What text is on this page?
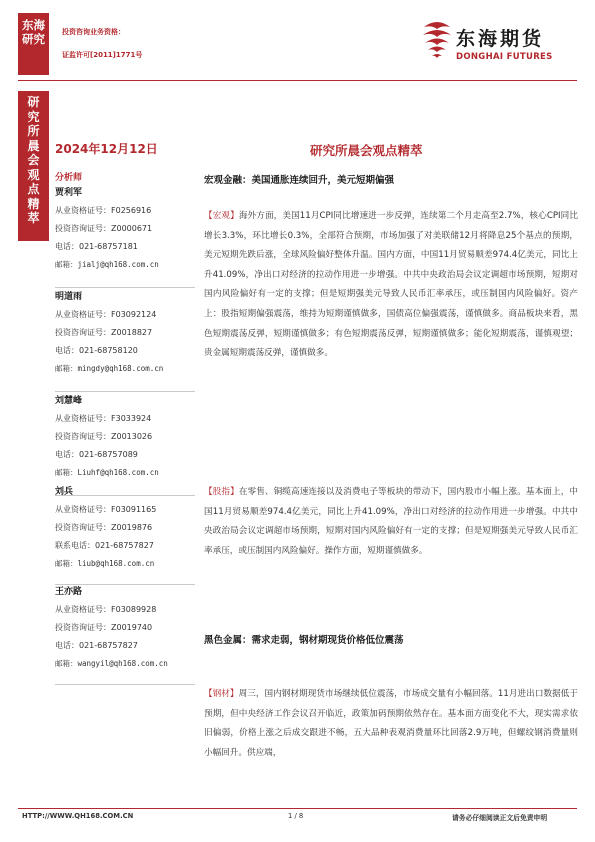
东海
研究	投资咨询业务资格：
证监许可[2011]1771号
东海期货
DONGHAI FUTURES
研
究
所
晨
会
观
点
精
萃
2024年12月12日	研究所晨会观点精萃
分析师
贾利军
从业资格证号：F0256916
投资咨询证号：Z0000671
电话：021-68757181
邮箱：jialj@qh168.com.cn
明道雨
从业资格证号：F03092124
投资咨询证号：Z0018827
电话：021-68758120
邮箱：mingdy@qh168.com.cn
刘慧峰
从业资格证号：F3033924
投资咨询证号：Z0013026
电话：021-68757089
邮箱：Liuhf@qh168.com.cn
刘兵
从业资格证号：F03091165
投资咨询证号：Z0019876
联系电话：021-68757827
邮箱：liub@qh168.com.cn
王亦路
从业资格证号：F03089928
投资咨询证号：Z0019740
电话：021-68757827
邮箱：wangyil@qh168.com.cn
宏观金融：美国通胀连续回升，美元短期偏强

【宏观】海外方面，美国11月CPI同比增速进一步反弹，连续第二个月走高至2.7%，核心CPI同比增长3.3%，环比增长0.3%，全部符合预期，市场加强了对美联储12月将降息25个基点的预期，美元短期先跌后涨，全球风险偏好整体升温。国内方面，中国11月贸易顺差974.4亿美元，同比上升41.09%，净出口对经济的拉动作用进一步增强。中共中央政治局会议定调超市场预期，短期对国内风险偏好有一定的支撑；但是短期强美元导致人民币汇率承压，或压制国内风险偏好。资产上：股指短期偏强震荡，维持为短期谨慎做多，国债高位偏强震荡，谨慎做多。商品板块来看，黑色短期震荡反弹，短期谨慎做多；有色短期震荡反弹，短期谨慎做多；能化短期震荡，谨慎观望；贵金属短期震荡反弹，谨慎做多。

【股指】在零售、铜缆高速连接以及消费电子等板块的带动下，国内股市小幅上涨。基本面上，中国11月贸易顺差974.4亿美元，同比上升41.09%，净出口对经济的拉动作用进一步增强。中共中央政治局会议定调超市场预期，短期对国内风险偏好有一定的支撑；但是短期强美元导致人民币汇率承压，或压制国内风险偏好。操作方面，短期谨慎做多。

黑色金属：需求走弱，钢材期现货价格低位震荡

【钢材】周三，国内钢材期现货市场继续低位震荡，市场成交量有小幅回落。11月进出口数据低于预期，但中央经济工作会议召开临近，政策加码预期依然存在。基本面方面变化不大，现实需求依旧偏弱，价格上涨之后成交跟进不畅，五大品种表观消费量环比回落2.9万吨，但螺纹钢消费量则小幅回升。供应端，

HTTP://WWW.QH168.COM.CN	1 / 8	请务必仔细阅读正文后免责申明
